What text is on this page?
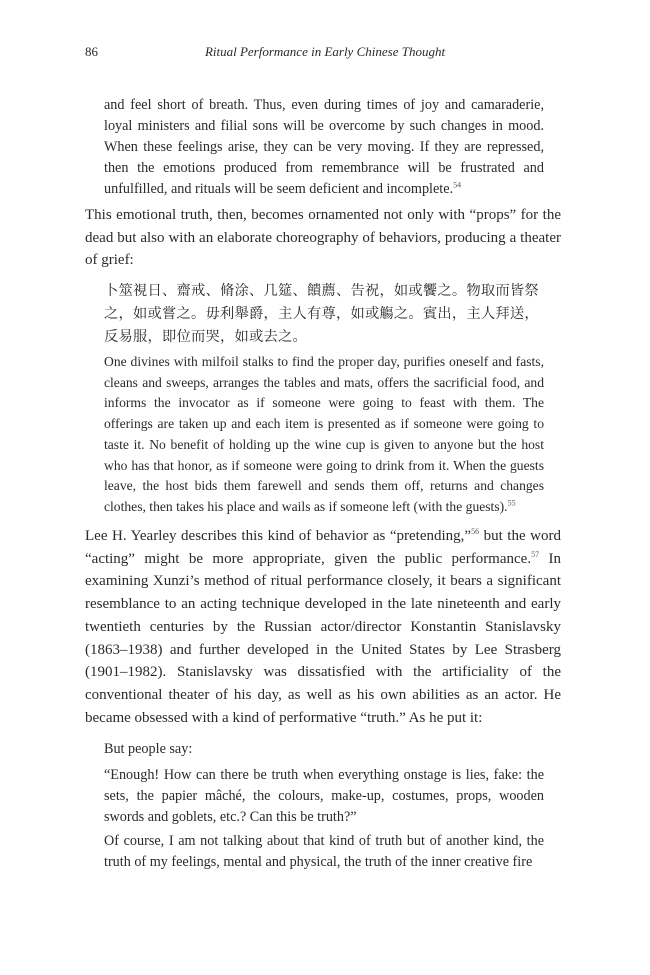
86	Ritual Performance in Early Chinese Thought

and feel short of breath. Thus, even during times of joy and camaraderie, loyal ministers and filial sons will be overcome by such changes in mood. When these feelings arise, they can be very moving. If they are repressed, then the emotions produced from remembrance will be frustrated and unfulfilled, and rituals will be seem deficient and incomplete.$^{54}$

This emotional truth, then, becomes ornamented not only with “props” for the dead but also with an elaborate choreography of behaviors, producing a theater of grief:

卜筮視日、齋戒、脩涂、几筵、饋薦、告祝，如或饗之。物取而皆祭之，如或嘗之。毋利舉爵，主人有尊，如或觴之。賓出，主人拜送，反易服，即位而哭，如或去之。

One divines with milfoil stalks to find the proper day, purifies oneself and fasts, cleans and sweeps, arranges the tables and mats, offers the sacrificial food, and informs the invocator as if someone were going to feast with them. The offerings are taken up and each item is presented as if someone were going to taste it. No benefit of holding up the wine cup is given to anyone but the host who has that honor, as if someone were going to drink from it. When the guests leave, the host bids them farewell and sends them off, returns and changes clothes, then takes his place and wails as if someone left (with the guests).$^{55}$

Lee H. Yearley describes this kind of behavior as “pretending,”$^{56}$ but the word “acting” might be more appropriate, given the public performance.$^{57}$ In examining Xunzi’s method of ritual performance closely, it bears a significant resemblance to an acting technique developed in the late nineteenth and early twentieth centuries by the Russian actor/director Konstantin Stanislavsky (1863–1938) and further developed in the United States by Lee Strasberg (1901–1982). Stanislavsky was dissatisfied with the artificiality of the conventional theater of his day, as well as his own abilities as an actor. He became obsessed with a kind of performative “truth.” As he put it:

But people say:

“Enough! How can there be truth when everything onstage is lies, fake: the sets, the papier mâché, the colours, make-up, costumes, props, wooden swords and goblets, etc.? Can this be truth?”

Of course, I am not talking about that kind of truth but of another kind, the truth of my feelings, mental and physical, the truth of the inner creative fire
